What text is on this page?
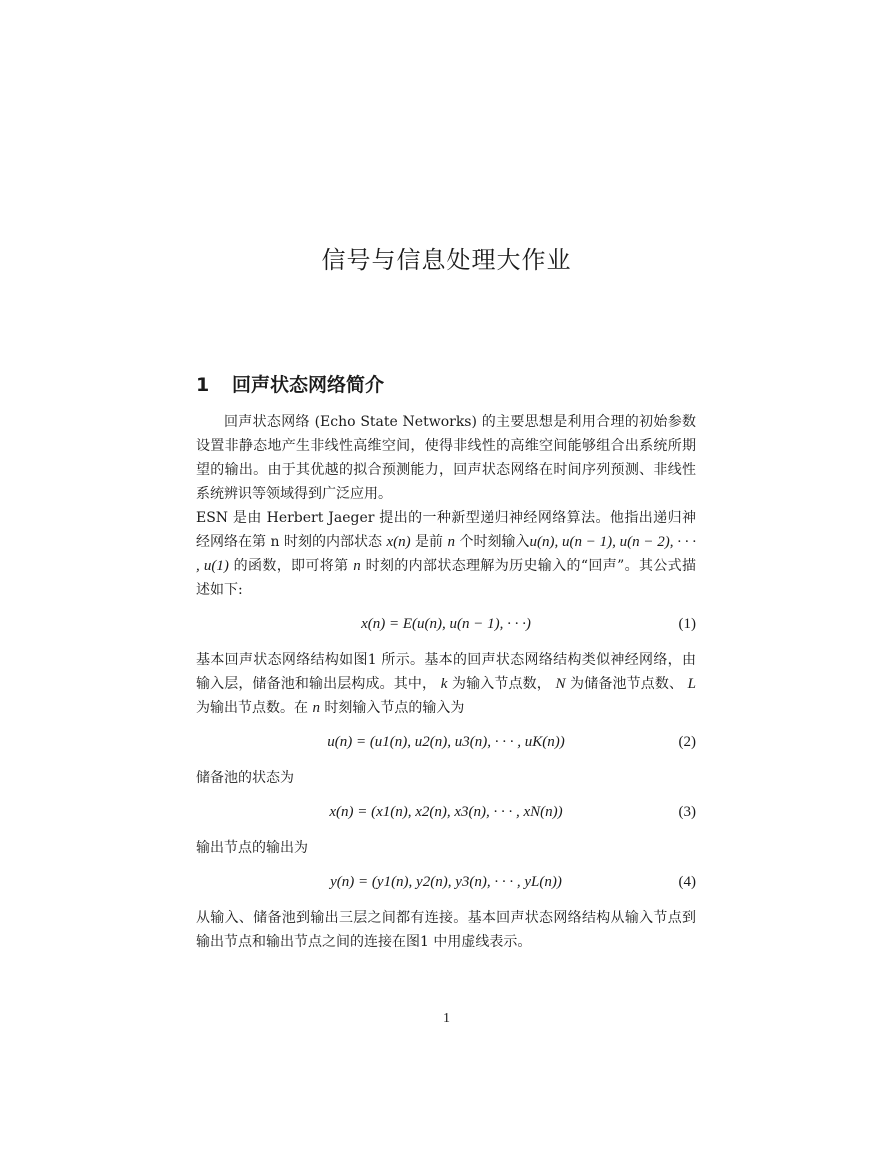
信号与信息处理大作业
1 回声状态网络简介

回声状态网络 (Echo State Networks) 的主要思想是利用合理的初始参数设置非静态地产生非线性高维空间，使得非线性的高维空间能够组合出系统所期望的输出。由于其优越的拟合预测能力，回声状态网络在时间序列预测、非线性系统辨识等领域得到广泛应用。

ESN 是由 Herbert Jaeger 提出的一种新型递归神经网络算法。他指出递归神经网络在第 n 时刻的内部状态 x(n) 是前 n 个时刻输入u(n), u(n − 1), u(n − 2), · · · , u(1) 的函数，即可将第 n 时刻的内部状态理解为历史输入的“回声”。其公式描述如下:

x(n) = E(u(n), u(n − 1), · · ·)	(1)

基本回声状态网络结构如图1 所示。基本的回声状态网络结构类似神经网络，由输入层，储备池和输出层构成。其中， k 为输入节点数， N 为储备池节点数、 L 为输出节点数。在 n 时刻输入节点的输入为

u(n) = (u1(n), u2(n), u3(n), · · · , uK(n))	(2)

储备池的状态为

x(n) = (x1(n), x2(n), x3(n), · · · , xN(n))	(3)

输出节点的输出为

y(n) = (y1(n), y2(n), y3(n), · · · , yL(n))	(4)

从输入、储备池到输出三层之间都有连接。基本回声状态网络结构从输入节点到输出节点和输出节点之间的连接在图1 中用虚线表示。

1
